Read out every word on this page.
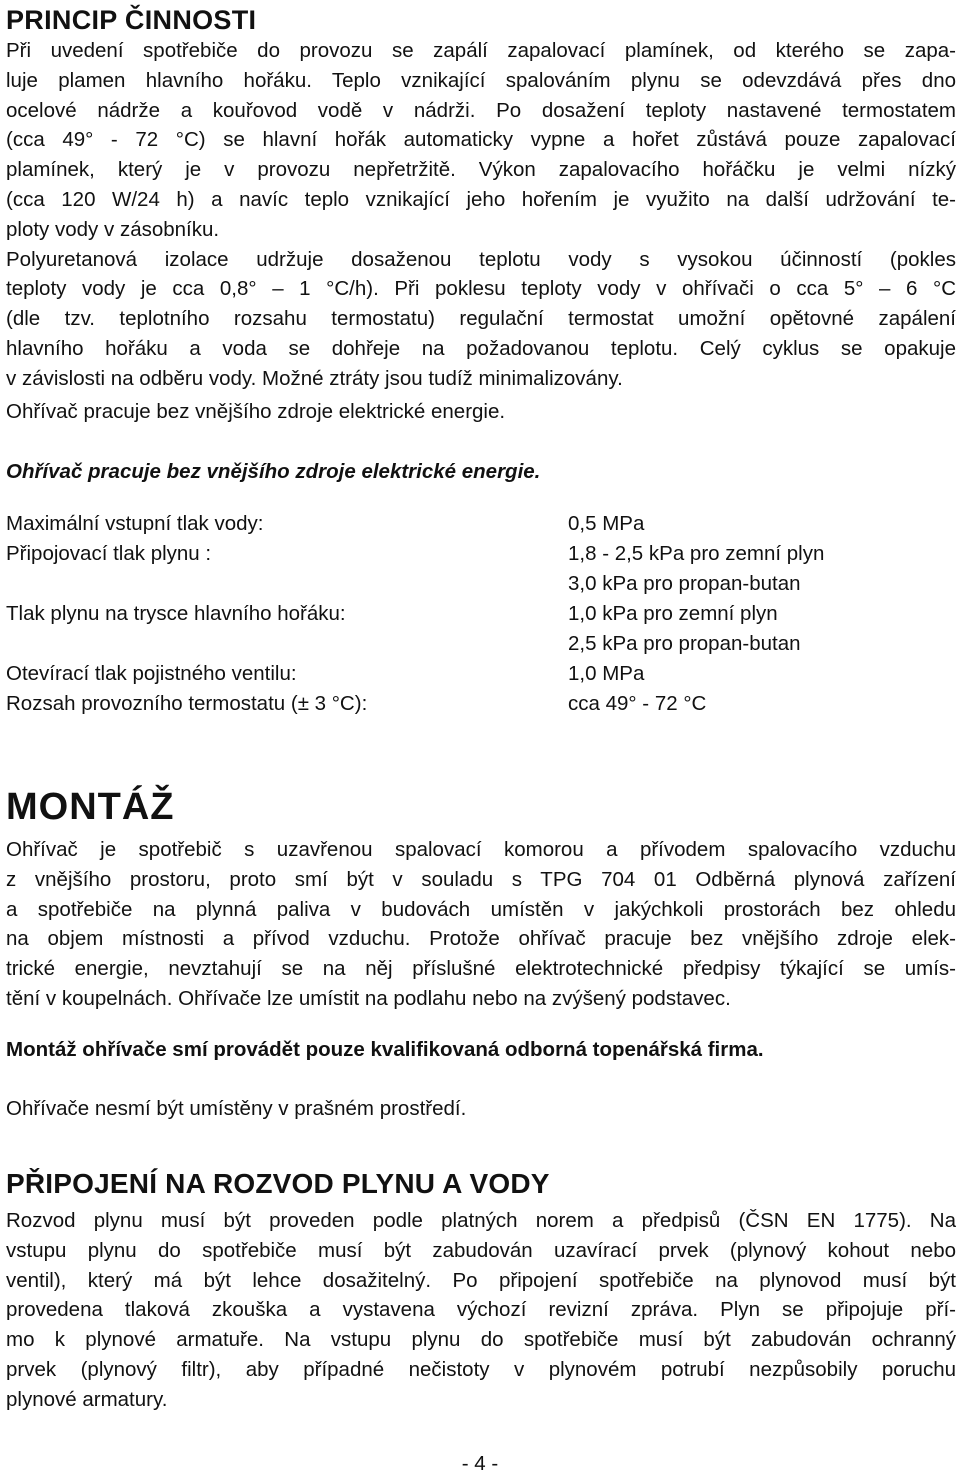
PRINCIP ČINNOSTI
Při uvedení spotřebiče do provozu se zapálí zapalovací plamínek, od kterého se zapa-
luje plamen hlavního hořáku. Teplo vznikající spalováním plynu se odevzdává přes dno
ocelové nádrže a kouřovod vodě v nádrži. Po dosažení teploty nastavené termostatem
(cca 49° - 72 °C) se hlavní hořák automaticky vypne a hořet zůstává pouze zapalovací
plamínek, který je v provozu nepřetržitě. Výkon zapalovacího hořáčku je velmi nízký
(cca 120 W/24 h) a navíc teplo vznikající jeho hořením je využito na další udržování te-
ploty vody v zásobníku.
Polyuretanová izolace udržuje dosaženou teplotu vody s vysokou účinností (pokles
teploty vody je cca 0,8° – 1 °C/h). Při poklesu teploty vody v ohřívači o cca 5° – 6 °C
(dle tzv. teplotního rozsahu termostatu) regulační termostat umožní opětovné zapálení
hlavního hořáku a voda se dohřeje na požadovanou teplotu. Celý cyklus se opakuje
v závislosti na odběru vody. Možné ztráty jsou tudíž minimalizovány.

Ohřívač pracuje bez vnějšího zdroje elektrické energie.

Ohřívač pracuje bez vnějšího zdroje elektrické energie.

Maximální vstupní tlak vody:	0,5 MPa
Připojovací tlak plynu :	1,8 - 2,5 kPa pro zemní plyn
3,0 kPa pro propan-butan
Tlak plynu na trysce hlavního hořáku:	1,0 kPa pro zemní plyn
2,5 kPa pro propan-butan
Otevírací tlak pojistného ventilu:	1,0 MPa
Rozsah provozního termostatu (± 3 °C):	cca 49° - 72 °C
MONTÁŽ
Ohřívač je spotřebič s uzavřenou spalovací komorou a přívodem spalovacího vzduchu
z vnějšího prostoru, proto smí být v souladu s TPG 704 01 Odběrná plynová zařízení
a spotřebiče na plynná paliva v budovách umístěn v jakýchkoli prostorách bez ohledu
na objem místnosti a přívod vzduchu. Protože ohřívač pracuje bez vnějšího zdroje elek-
trické energie, nevztahují se na něj příslušné elektrotechnické předpisy týkající se umís-
tění v koupelnách. Ohřívače lze umístit na podlahu nebo na zvýšený podstavec.

Montáž ohřívače smí provádět pouze kvalifikovaná odborná topenářská firma.

Ohřívače nesmí být umístěny v prašném prostředí.

PŘIPOJENÍ NA ROZVOD PLYNU A VODY
Rozvod plynu musí být proveden podle platných norem a předpisů (ČSN EN 1775). Na
vstupu plynu do spotřebiče musí být zabudován uzavírací prvek (plynový kohout nebo
ventil), který má být lehce dosažitelný. Po připojení spotřebiče na plynovod musí být
provedena tlaková zkouška a vystavena výchozí revizní zpráva. Plyn se připojuje pří-
mo k plynové armatuře. Na vstupu plynu do spotřebiče musí být zabudován ochranný
prvek (plynový filtr), aby případné nečistoty v plynovém potrubí nezpůsobily poruchu
plynové armatury.

- 4 -
